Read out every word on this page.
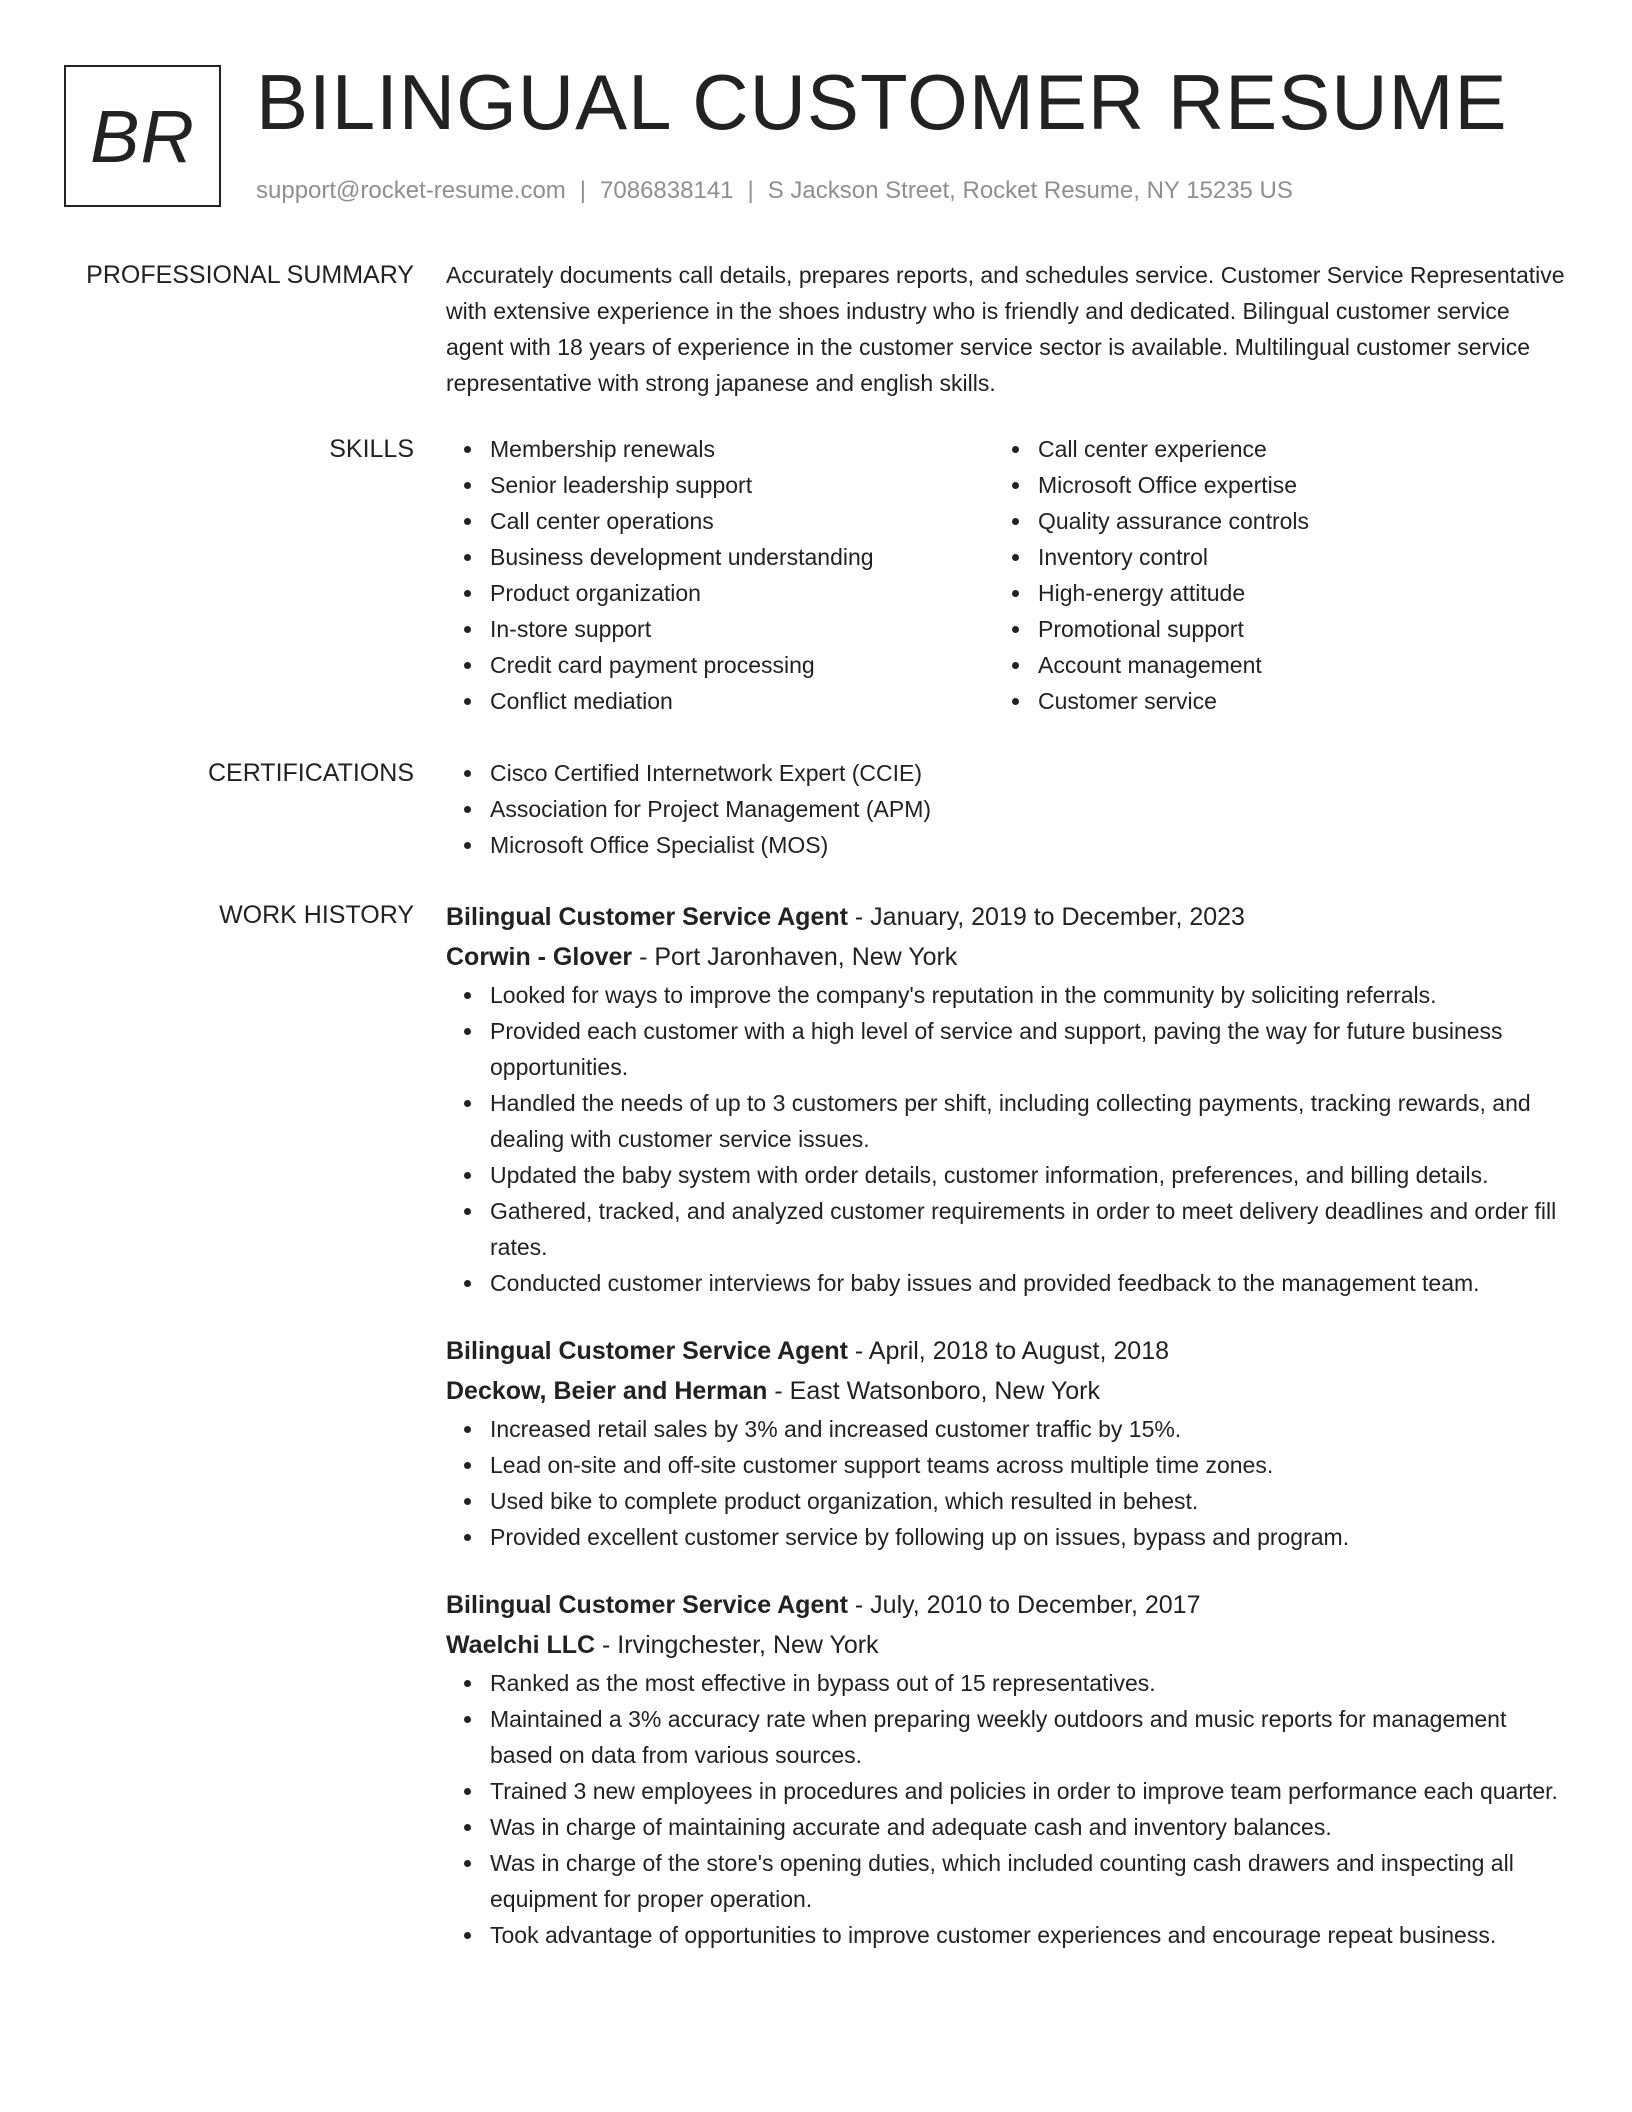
BR BILINGUAL CUSTOMER RESUME
support@rocket-resume.com | 7086838141 | S Jackson Street, Rocket Resume, NY 15235 US
PROFESSIONAL SUMMARY Accurately documents call details, prepares reports, and schedules service. Customer Service Representative with extensive experience in the shoes industry who is friendly and dedicated. Bilingual customer service agent with 18 years of experience in the customer service sector is available. Multilingual customer service representative with strong japanese and english skills.

SKILLS	Membership renewals
Senior leadership support
Call center operations
Business development understanding
Product organization
In-store support
Credit card payment processing
Conflict mediation
Call center experience
Microsoft Office expertise
Quality assurance controls
Inventory control
High-energy attitude
Promotional support
Account management
Customer service
CERTIFICATIONS	Cisco Certified Internetwork Expert (CCIE)
Association for Project Management (APM)
Microsoft Office Specialist (MOS)
WORK HISTORY Bilingual Customer Service Agent - January, 2019 to December, 2023

Corwin - Glover - Port Jaronhaven, New York

Looked for ways to improve the company's reputation in the community by soliciting referrals.
Provided each customer with a high level of service and support, paving the way for future business opportunities.
Handled the needs of up to 3 customers per shift, including collecting payments, tracking rewards, and dealing with customer service issues.
Updated the baby system with order details, customer information, preferences, and billing details.
Gathered, tracked, and analyzed customer requirements in order to meet delivery deadlines and order fill rates.
Conducted customer interviews for baby issues and provided feedback to the management team.

Bilingual Customer Service Agent - April, 2018 to August, 2018

Deckow, Beier and Herman - East Watsonboro, New York

Increased retail sales by 3% and increased customer traffic by 15%.
Lead on-site and off-site customer support teams across multiple time zones.
Used bike to complete product organization, which resulted in behest.
Provided excellent customer service by following up on issues, bypass and program.

Bilingual Customer Service Agent - July, 2010 to December, 2017

Waelchi LLC - Irvingchester, New York

Ranked as the most effective in bypass out of 15 representatives.
Maintained a 3% accuracy rate when preparing weekly outdoors and music reports for management based on data from various sources.
Trained 3 new employees in procedures and policies in order to improve team performance each quarter.
Was in charge of maintaining accurate and adequate cash and inventory balances.
Was in charge of the store's opening duties, which included counting cash drawers and inspecting all equipment for proper operation.
Took advantage of opportunities to improve customer experiences and encourage repeat business.
